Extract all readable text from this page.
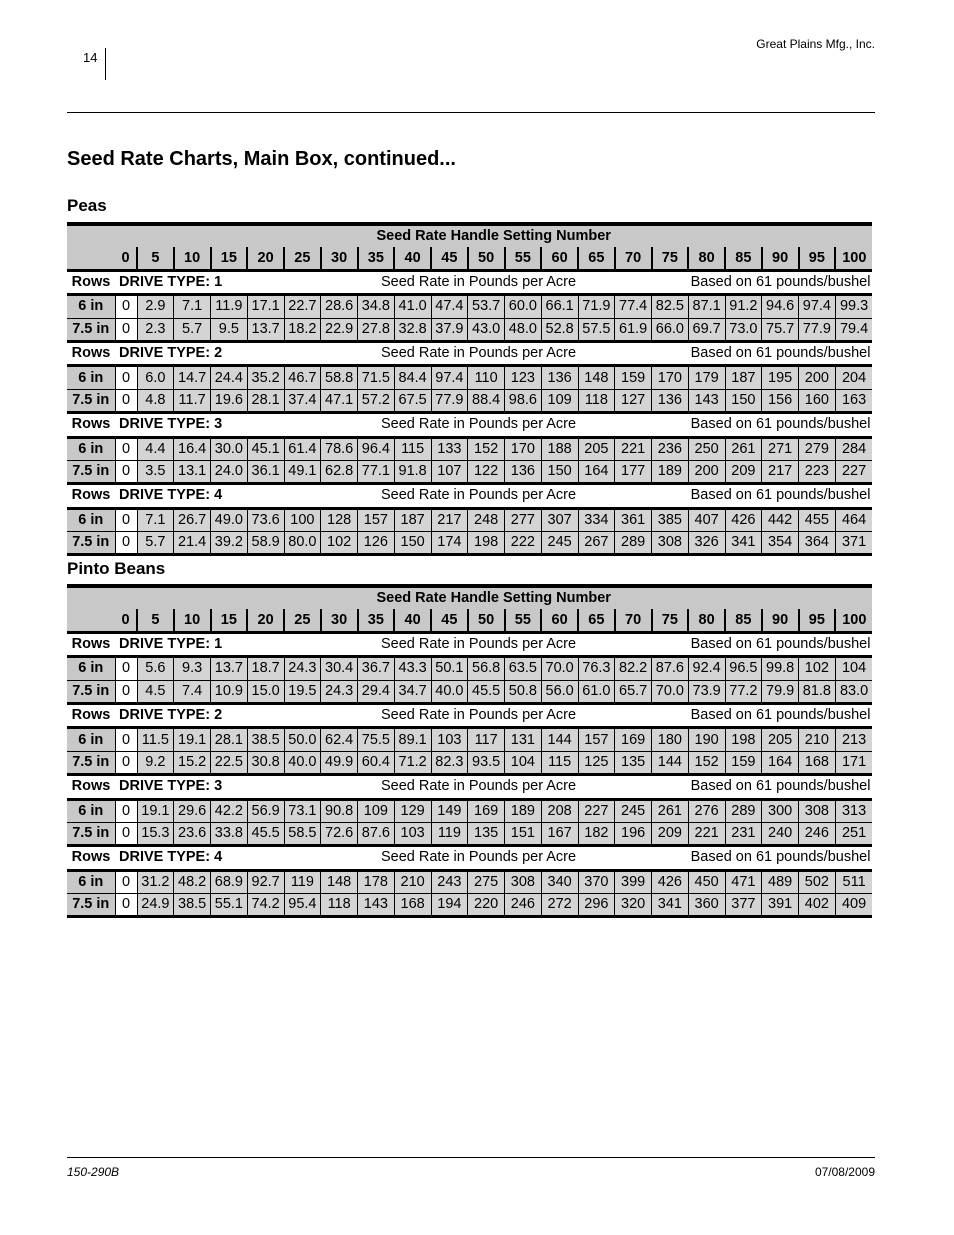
14
Great Plains Mfg., Inc.
Seed Rate Charts, Main Box, continued...
Peas
	Seed Rate Handle Setting Number																				
	0	5	10	15	20	25	30	35	40	45	50	55	60	65	70	75	80	85	90	95	100
Rows	DRIVE TYPE: 1 Seed Rate in Pounds per Acre Based on 61 pounds/bushel																				

6 in	0	2.9	7.1	11.9	17.1	22.7	28.6	34.8	41.0	47.4	53.7	60.0	66.1	71.9	77.4	82.5	87.1	91.2	94.6	97.4	99.3
7.5 in	0	2.3	5.7	9.5	13.7	18.2	22.9	27.8	32.8	37.9	43.0	48.0	52.8	57.5	61.9	66.0	69.7	73.0	75.7	77.9	79.4
Rows	DRIVE TYPE: 2 Seed Rate in Pounds per Acre Based on 61 pounds/bushel																				

6 in	0	6.0	14.7	24.4	35.2	46.7	58.8	71.5	84.4	97.4	110	123	136	148	159	170	179	187	195	200	204
7.5 in	0	4.8	11.7	19.6	28.1	37.4	47.1	57.2	67.5	77.9	88.4	98.6	109	118	127	136	143	150	156	160	163
Rows	DRIVE TYPE: 3 Seed Rate in Pounds per Acre Based on 61 pounds/bushel																				

6 in	0	4.4	16.4	30.0	45.1	61.4	78.6	96.4	115	133	152	170	188	205	221	236	250	261	271	279	284
7.5 in	0	3.5	13.1	24.0	36.1	49.1	62.8	77.1	91.8	107	122	136	150	164	177	189	200	209	217	223	227
Rows	DRIVE TYPE: 4 Seed Rate in Pounds per Acre Based on 61 pounds/bushel																				

6 in	0	7.1	26.7	49.0	73.6	100	128	157	187	217	248	277	307	334	361	385	407	426	442	455	464
7.5 in	0	5.7	21.4	39.2	58.9	80.0	102	126	150	174	198	222	245	267	289	308	326	341	354	364	371
Pinto Beans
	Seed Rate Handle Setting Number																				
	0	5	10	15	20	25	30	35	40	45	50	55	60	65	70	75	80	85	90	95	100
Rows	DRIVE TYPE: 1 Seed Rate in Pounds per Acre Based on 61 pounds/bushel																				

6 in	0	5.6	9.3	13.7	18.7	24.3	30.4	36.7	43.3	50.1	56.8	63.5	70.0	76.3	82.2	87.6	92.4	96.5	99.8	102	104
7.5 in	0	4.5	7.4	10.9	15.0	19.5	24.3	29.4	34.7	40.0	45.5	50.8	56.0	61.0	65.7	70.0	73.9	77.2	79.9	81.8	83.0
Rows	DRIVE TYPE: 2 Seed Rate in Pounds per Acre Based on 61 pounds/bushel																				

6 in	0	11.5	19.1	28.1	38.5	50.0	62.4	75.5	89.1	103	117	131	144	157	169	180	190	198	205	210	213
7.5 in	0	9.2	15.2	22.5	30.8	40.0	49.9	60.4	71.2	82.3	93.5	104	115	125	135	144	152	159	164	168	171
Rows	DRIVE TYPE: 3 Seed Rate in Pounds per Acre Based on 61 pounds/bushel																				

6 in	0	19.1	29.6	42.2	56.9	73.1	90.8	109	129	149	169	189	208	227	245	261	276	289	300	308	313
7.5 in	0	15.3	23.6	33.8	45.5	58.5	72.6	87.6	103	119	135	151	167	182	196	209	221	231	240	246	251
Rows	DRIVE TYPE: 4 Seed Rate in Pounds per Acre Based on 61 pounds/bushel																				

6 in	0	31.2	48.2	68.9	92.7	119	148	178	210	243	275	308	340	370	399	426	450	471	489	502	511
7.5 in	0	24.9	38.5	55.1	74.2	95.4	118	143	168	194	220	246	272	296	320	341	360	377	391	402	409
150-290B	07/08/2009
